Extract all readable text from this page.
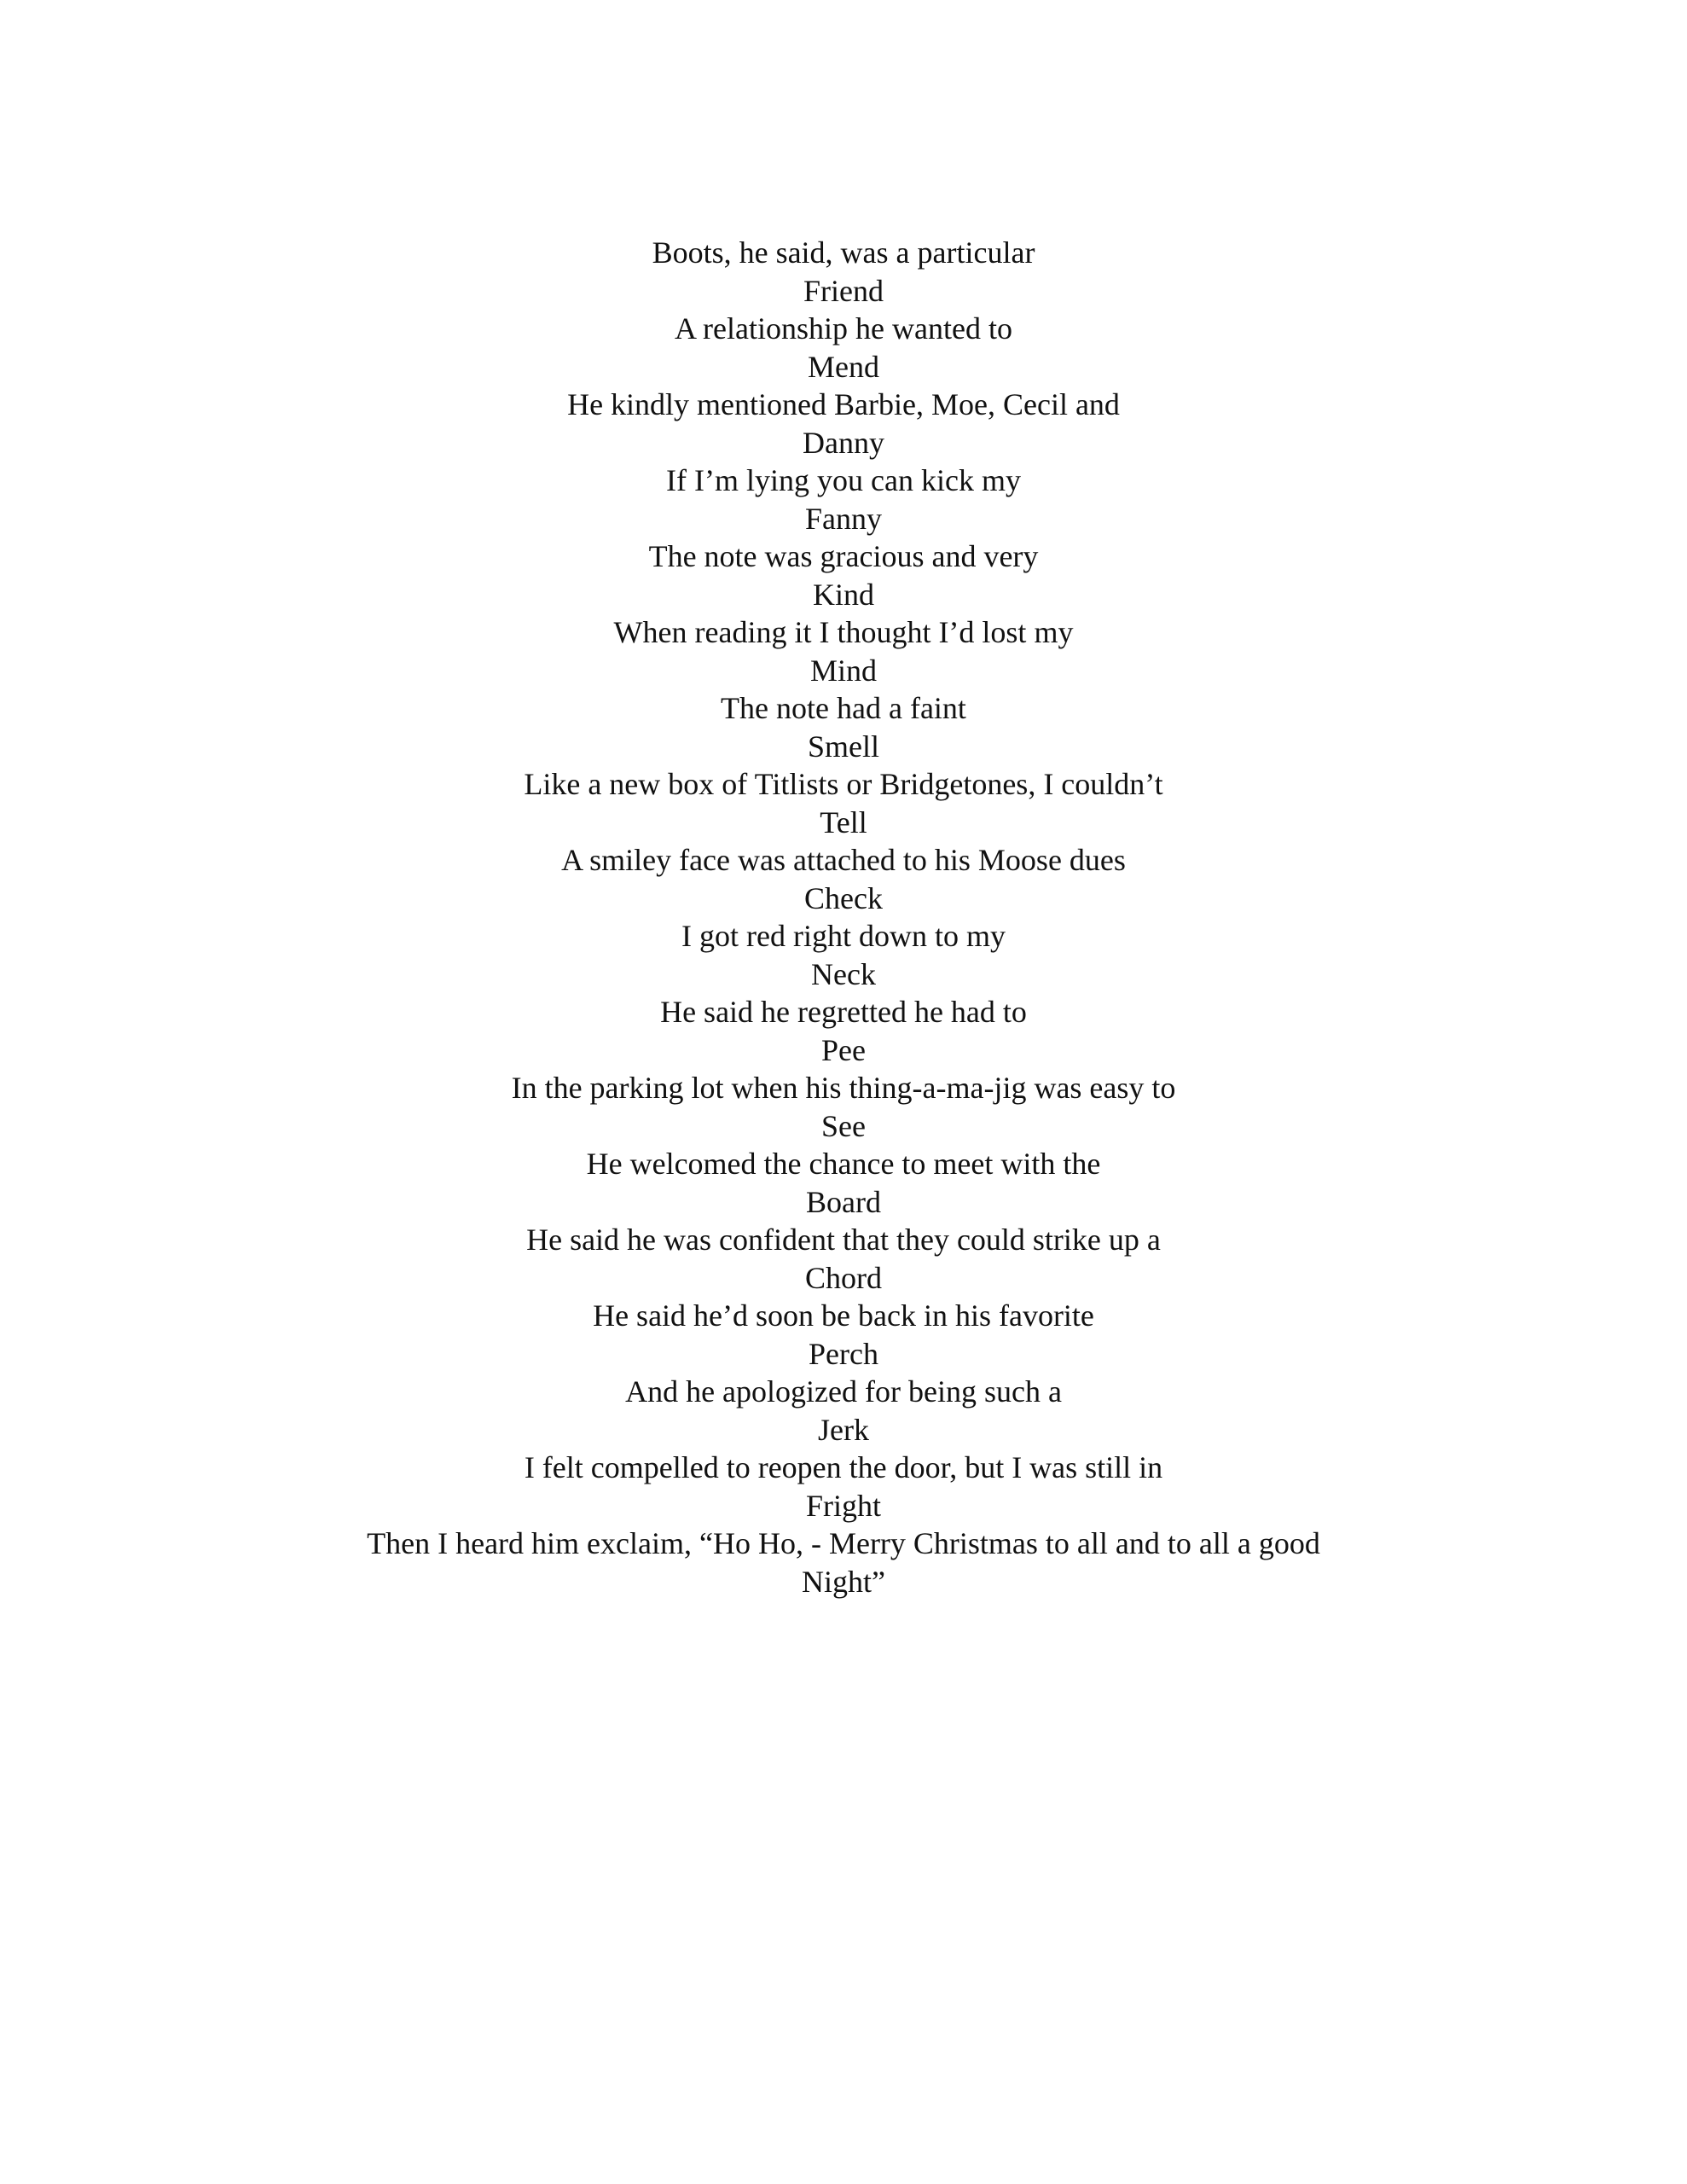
Boots, he said, was a particular
Friend
A relationship he wanted to
Mend
He kindly mentioned Barbie, Moe, Cecil and
Danny
If I’m lying you can kick my
Fanny
The note was gracious and very
Kind
When reading it I thought I’d lost my
Mind
The note had a faint
Smell
Like a new box of Titlists or Bridgetones, I couldn’t
Tell
A smiley face was attached to his Moose dues
Check
I got red right down to my
Neck
He said he regretted he had to
Pee
In the parking lot when his thing-a-ma-jig was easy to
See
He welcomed the chance to meet with the
Board
He said he was confident that they could strike up a
Chord
He said he’d soon be back in his favorite
Perch
And he apologized for being such a
Jerk
I felt compelled to reopen the door, but I was still in
Fright
Then I heard him exclaim, “Ho Ho, - Merry Christmas to all and to all a good
Night”
